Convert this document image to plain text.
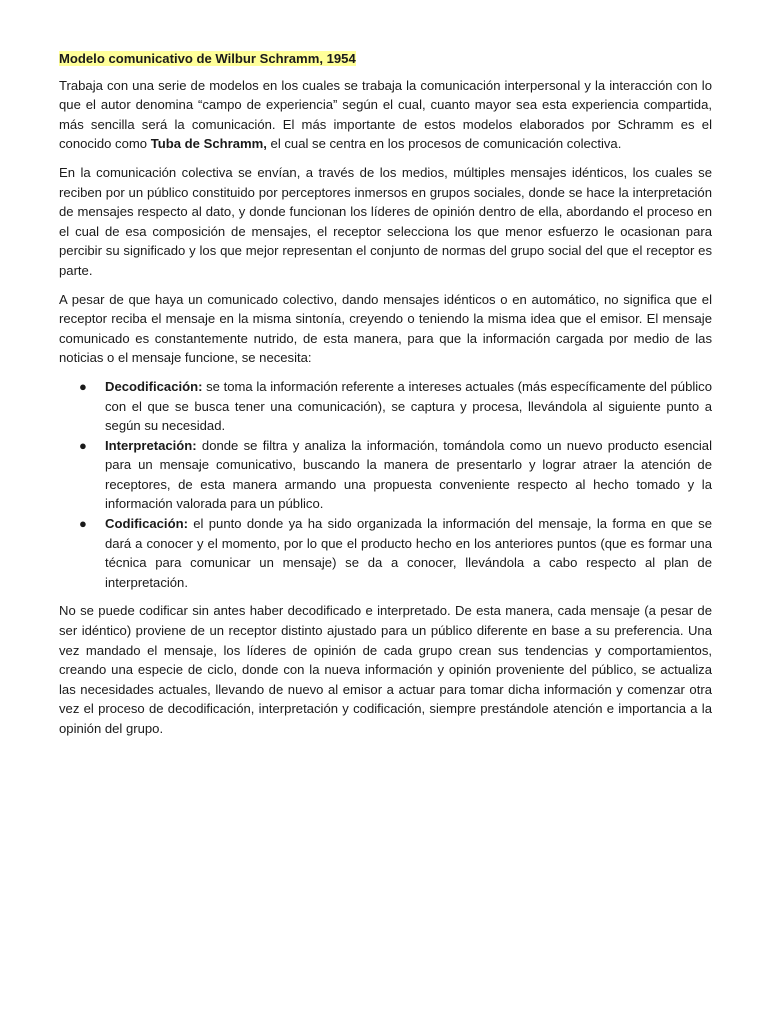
Modelo comunicativo de Wilbur Schramm, 1954

Trabaja con una serie de modelos en los cuales se trabaja la comunicación interpersonal y la interacción con lo que el autor denomina “campo de experiencia” según el cual, cuanto mayor sea esta experiencia compartida, más sencilla será la comunicación. El más importante de estos modelos elaborados por Schramm es el conocido como Tuba de Schramm, el cual se centra en los procesos de comunicación colectiva.

En la comunicación colectiva se envían, a través de los medios, múltiples mensajes idénticos, los cuales se reciben por un público constituido por perceptores inmersos en grupos sociales, donde se hace la interpretación de mensajes respecto al dato, y donde funcionan los líderes de opinión dentro de ella, abordando el proceso en el cual de esa composición de mensajes, el receptor selecciona los que menor esfuerzo le ocasionan para percibir su significado y los que mejor representan el conjunto de normas del grupo social del que el receptor es parte.

A pesar de que haya un comunicado colectivo, dando mensajes idénticos o en automático, no significa que el receptor reciba el mensaje en la misma sintonía, creyendo o teniendo la misma idea que el emisor. El mensaje comunicado es constantemente nutrido, de esta manera, para que la información cargada por medio de las noticias o el mensaje funcione, se necesita:

● Decodificación: se toma la información referente a intereses actuales (más específicamente del público con el que se busca tener una comunicación), se captura y procesa, llevándola al siguiente punto a según su necesidad.
● Interpretación: donde se filtra y analiza la información, tomándola como un nuevo producto esencial para un mensaje comunicativo, buscando la manera de presentarlo y lograr atraer la atención de receptores, de esta manera armando una propuesta conveniente respecto al hecho tomado y la información valorada para un público.
● Codificación: el punto donde ya ha sido organizada la información del mensaje, la forma en que se dará a conocer y el momento, por lo que el producto hecho en los anteriores puntos (que es formar una técnica para comunicar un mensaje) se da a conocer, llevándola a cabo respecto al plan de interpretación.

No se puede codificar sin antes haber decodificado e interpretado. De esta manera, cada mensaje (a pesar de ser idéntico) proviene de un receptor distinto ajustado para un público diferente en base a su preferencia. Una vez mandado el mensaje, los líderes de opinión de cada grupo crean sus tendencias y comportamientos, creando una especie de ciclo, donde con la nueva información y opinión proveniente del público, se actualiza las necesidades actuales, llevando de nuevo al emisor a actuar para tomar dicha información y comenzar otra vez el proceso de decodificación, interpretación y codificación, siempre prestándole atención e importancia a la opinión del grupo.
